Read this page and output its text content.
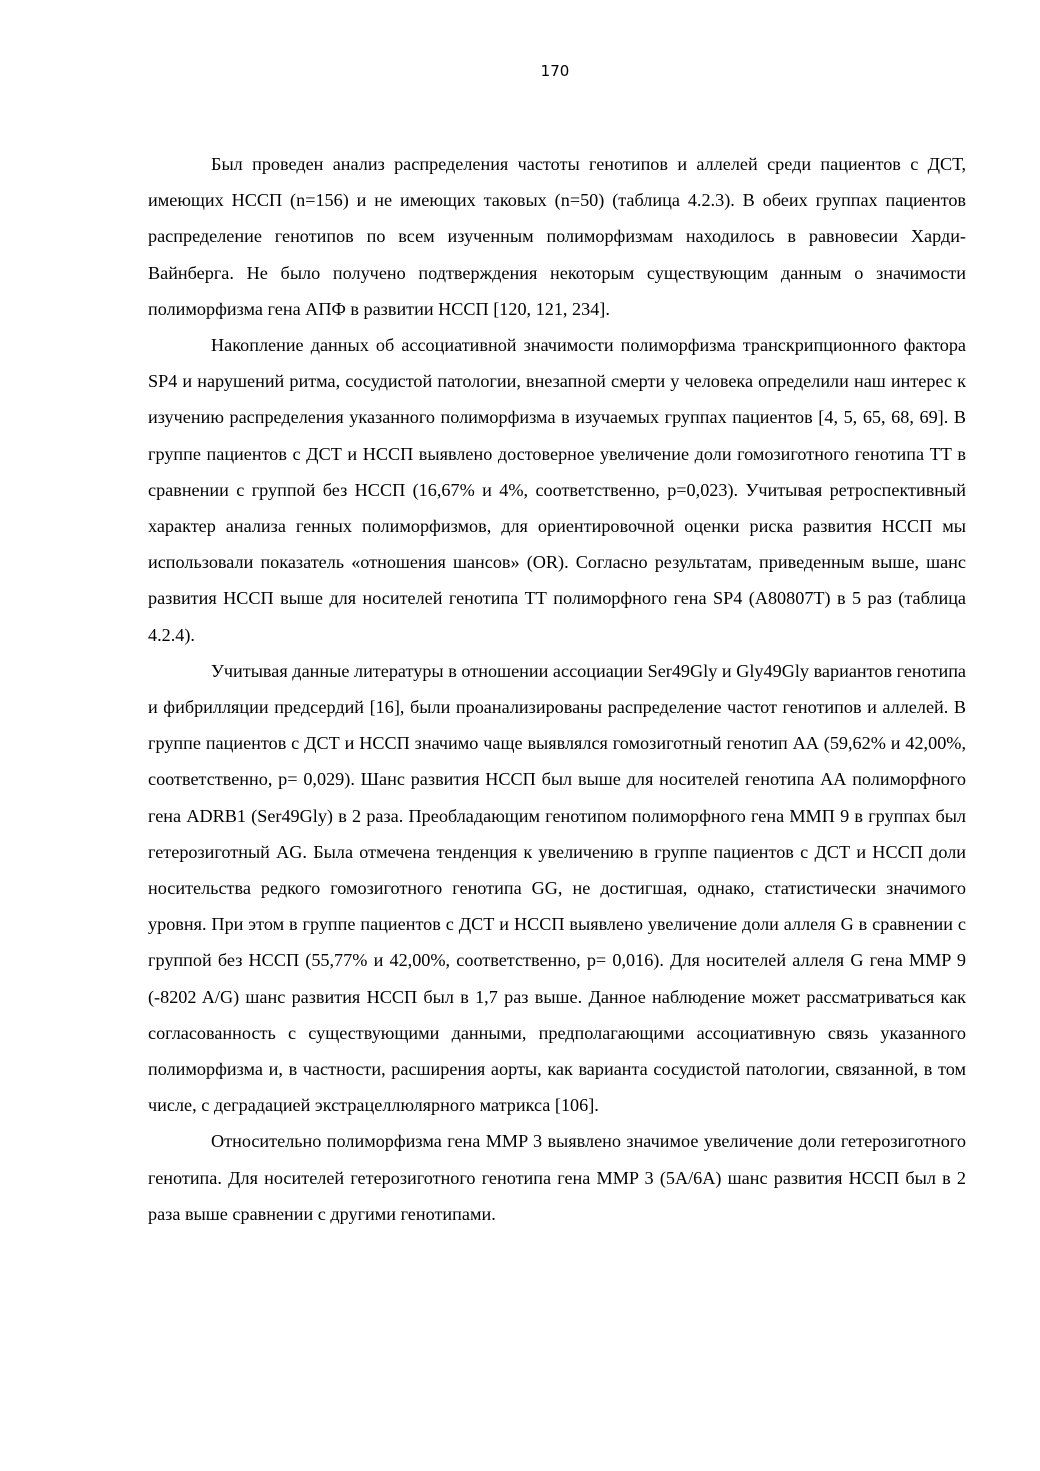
170

Был проведен анализ распределения частоты генотипов и аллелей среди пациентов с ДСТ, имеющих НССП (n=156) и не имеющих таковых (n=50) (таблица 4.2.3). В обеих группах пациентов распределение генотипов по всем изученным полиморфизмам находилось в равновесии Харди-Вайнберга. Не было получено подтверждения некоторым существующим данным о значимости полиморфизма гена АПФ в развитии НССП [120, 121, 234].

Накопление данных об ассоциативной значимости полиморфизма транскрипционного фактора SP4 и нарушений ритма, сосудистой патологии, внезапной смерти у человека определили наш интерес к изучению распределения указанного полиморфизма в изучаемых группах пациентов [4, 5, 65, 68, 69]. В группе пациентов с ДСТ и НССП выявлено достоверное увеличение доли гомозиготного генотипа ТТ в сравнении с группой без НССП (16,67% и 4%, соответственно, р=0,023). Учитывая ретроспективный характер анализа генных полиморфизмов, для ориентировочной оценки риска развития НССП мы использовали показатель «отношения шансов» (OR). Согласно результатам, приведенным выше, шанс развития НССП выше для носителей генотипа ТТ полиморфного гена SP4 (A80807T) в 5 раз (таблица 4.2.4).

Учитывая данные литературы в отношении ассоциации Ser49Gly и Gly49Gly вариантов генотипа и фибрилляции предсердий [16], были проанализированы распределение частот генотипов и аллелей. В группе пациентов с ДСТ и НССП значимо чаще выявлялся гомозиготный генотип АА (59,62% и 42,00%, соответственно, р= 0,029). Шанс развития НССП был выше для носителей генотипа АА полиморфного гена ADRB1 (Ser49Gly) в 2 раза. Преобладающим генотипом полиморфного гена ММП 9 в группах был гетерозиготный AG. Была отмечена тенденция к увеличению в группе пациентов с ДСТ и НССП доли носительства редкого гомозиготного генотипа GG, не достигшая, однако, статистически значимого уровня. При этом в группе пациентов с ДСТ и НССП выявлено увеличение доли аллеля G в сравнении с группой без НССП (55,77% и 42,00%, соответственно, р= 0,016). Для носителей аллеля G гена MMP 9 (-8202 A/G) шанс развития НССП был в 1,7 раз выше. Данное наблюдение может рассматриваться как согласованность с существующими данными, предполагающими ассоциативную связь указанного полиморфизма и, в частности, расширения аорты, как варианта сосудистой патологии, связанной, в том числе, с деградацией экстрацеллюлярного матрикса [106].

Относительно полиморфизма гена MMP 3 выявлено значимое увеличение доли гетерозиготного генотипа. Для носителей гетерозиготного генотипа гена MMP 3 (5A/6A) шанс развития НССП был в 2 раза выше сравнении с другими генотипами.
